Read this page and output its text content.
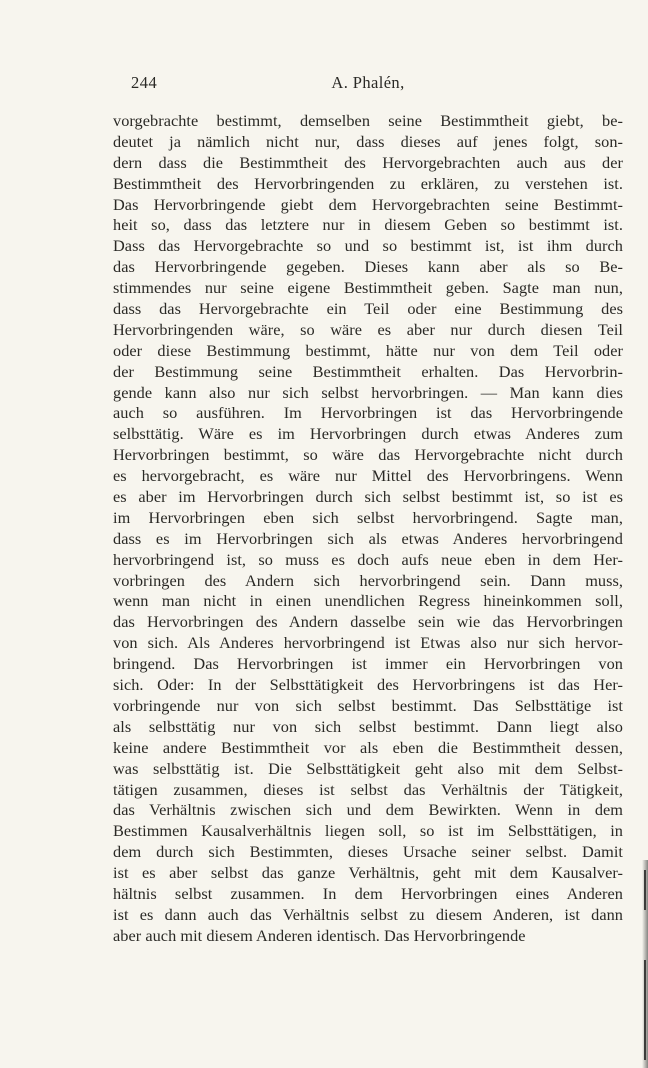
244	A. Phalén,
vorgebrachte bestimmt, demselben seine Bestimmtheit giebt, be-
deutet ja nämlich nicht nur, dass dieses auf jenes folgt, son-
dern dass die Bestimmtheit des Hervorgebrachten auch aus der
Bestimmtheit des Hervorbringenden zu erklären, zu verstehen ist.
Das Hervorbringende giebt dem Hervorgebrachten seine Bestimmt-
heit so, dass das letztere nur in diesem Geben so bestimmt ist.
Dass das Hervorgebrachte so und so bestimmt ist, ist ihm durch
das Hervorbringende gegeben. Dieses kann aber als so Be-
stimmendes nur seine eigene Bestimmtheit geben. Sagte man nun,
dass das Hervorgebrachte ein Teil oder eine Bestimmung des
Hervorbringenden wäre, so wäre es aber nur durch diesen Teil
oder diese Bestimmung bestimmt, hätte nur von dem Teil oder
der Bestimmung seine Bestimmtheit erhalten. Das Hervorbrin-
gende kann also nur sich selbst hervorbringen. — Man kann dies
auch so ausführen. Im Hervorbringen ist das Hervorbringende
selbsttätig. Wäre es im Hervorbringen durch etwas Anderes zum
Hervorbringen bestimmt, so wäre das Hervorgebrachte nicht durch
es hervorgebracht, es wäre nur Mittel des Hervorbringens. Wenn
es aber im Hervorbringen durch sich selbst bestimmt ist, so ist es
im Hervorbringen eben sich selbst hervorbringend. Sagte man,
dass es im Hervorbringen sich als etwas Anderes hervorbringend
hervorbringend ist, so muss es doch aufs neue eben in dem Her-
vorbringen des Andern sich hervorbringend sein. Dann muss,
wenn man nicht in einen unendlichen Regress hineinkommen soll,
das Hervorbringen des Andern dasselbe sein wie das Hervorbringen
von sich. Als Anderes hervorbringend ist Etwas also nur sich hervor-
bringend. Das Hervorbringen ist immer ein Hervorbringen von
sich. Oder: In der Selbsttätigkeit des Hervorbringens ist das Her-
vorbringende nur von sich selbst bestimmt. Das Selbsttätige ist
als selbsttätig nur von sich selbst bestimmt. Dann liegt also
keine andere Bestimmtheit vor als eben die Bestimmtheit dessen,
was selbsttätig ist. Die Selbsttätigkeit geht also mit dem Selbst-
tätigen zusammen, dieses ist selbst das Verhältnis der Tätigkeit,
das Verhältnis zwischen sich und dem Bewirkten. Wenn in dem
Bestimmen Kausalverhältnis liegen soll, so ist im Selbsttätigen, in
dem durch sich Bestimmten, dieses Ursache seiner selbst. Damit
ist es aber selbst das ganze Verhältnis, geht mit dem Kausalver-
hältnis selbst zusammen. In dem Hervorbringen eines Anderen
ist es dann auch das Verhältnis selbst zu diesem Anderen, ist dann
aber auch mit diesem Anderen identisch. Das Hervorbringende
